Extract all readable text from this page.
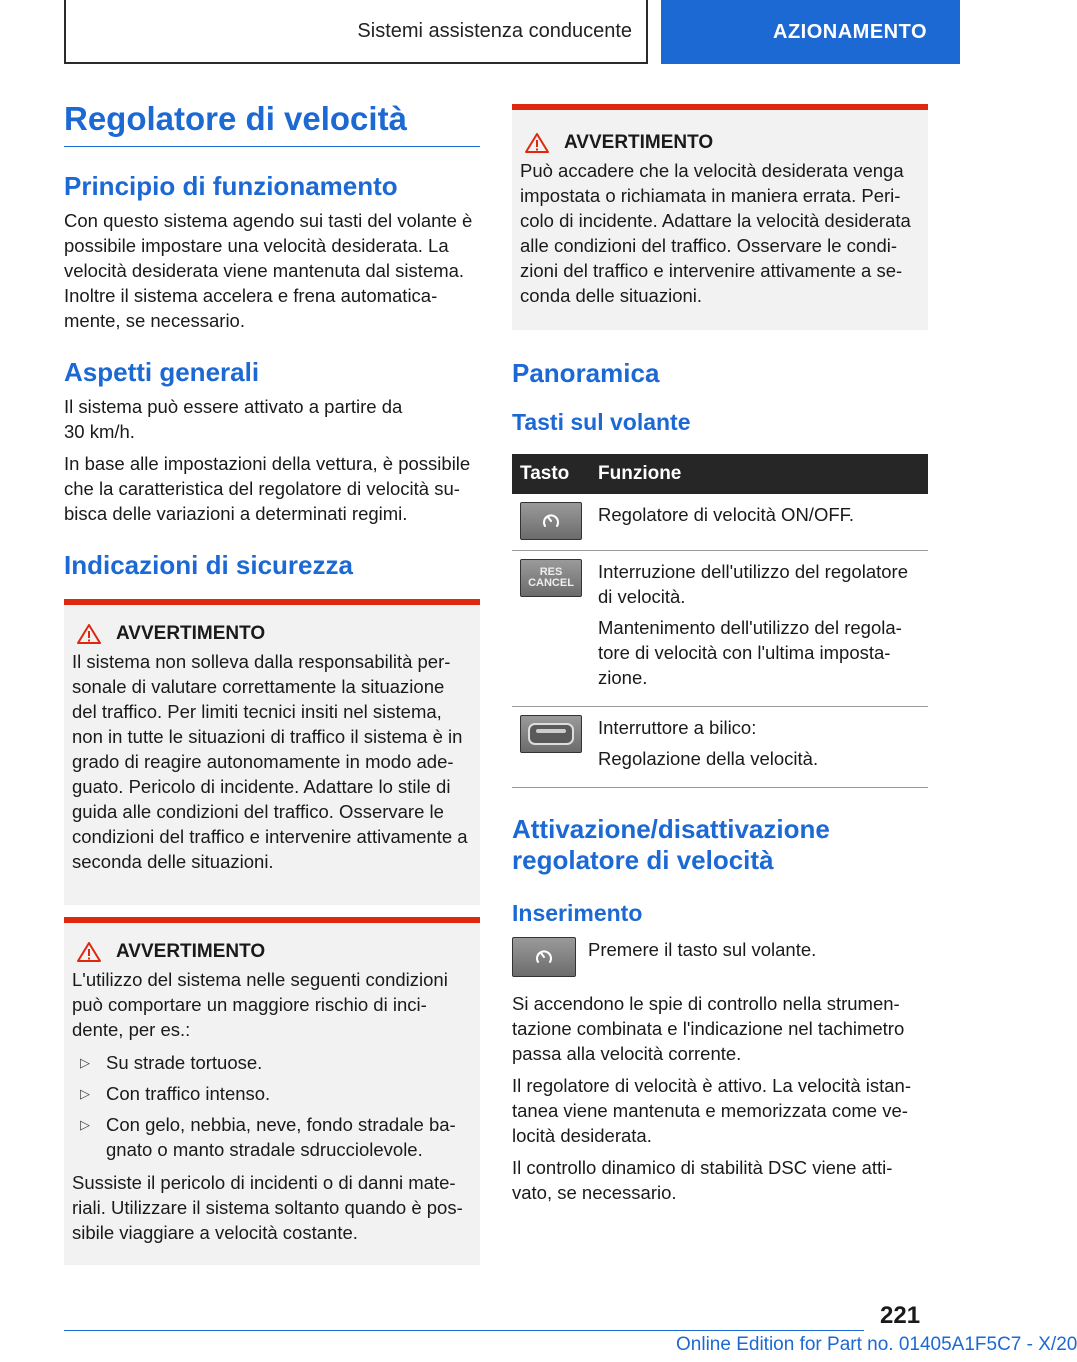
Sistemi assistenza conducente	AZIONAMENTO
Regolatore di velocità
Principio di funzionamento

Con questo sistema agendo sui tasti del volante è possibile impostare una velocità desiderata. La velocità desiderata viene mantenuta dal sistema. Inoltre il sistema accelera e frena automatica-mente, se necessario.

Aspetti generali

Il sistema può essere attivato a partire da 30 km/h.

In base alle impostazioni della vettura, è possibile che la caratteristica del regolatore di velocità su-bisca delle variazioni a determinati regimi.

Indicazioni di sicurezza
AVVERTIMENTO

Il sistema non solleva dalla responsabilità per-sonale di valutare correttamente la situazione del traffico. Per limiti tecnici insiti nel sistema, non in tutte le situazioni di traffico il sistema è in grado di reagire autonomamente in modo ade-guato. Pericolo di incidente. Adattare lo stile di guida alle condizioni del traffico. Osservare le condizioni del traffico e intervenire attivamente a seconda delle situazioni.

AVVERTIMENTO

L'utilizzo del sistema nelle seguenti condizioni può comportare un maggiore rischio di inci-dente, per es.:

▷ Su strade tortuose.
▷ Con traffico intenso.
▷ Con gelo, nebbia, neve, fondo stradale ba-gnato o manto stradale sdrucciolevole.

Sussiste il pericolo di incidenti o di danni mate-riali. Utilizzare il sistema soltanto quando è pos-sibile viaggiare a velocità costante.

AVVERTIMENTO

Può accadere che la velocità desiderata venga impostata o richiamata in maniera errata. Peri-colo di incidente. Adattare la velocità desiderata alle condizioni del traffico. Osservare le condi-zioni del traffico e intervenire attivamente a se-conda delle situazioni.

Panoramica
Tasti sul volante
Tasto	Funzione

Regolatore di velocità ON/OFF.

RES CANCEL	Interruzione dell'utilizzo del regolatore di velocità.

Mantenimento dell'utilizzo del regola-tore di velocità con l'ultima imposta-zione.

Interruttore a bilico:

Regolazione della velocità.

Attivazione/disattivazione regolatore di velocità
Inserimento

Premere il tasto sul volante.

Si accendono le spie di controllo nella strumen-tazione combinata e l'indicazione nel tachimetro passa alla velocità corrente.

Il regolatore di velocità è attivo. La velocità istan-tanea viene mantenuta e memorizzata come ve-locità desiderata.

Il controllo dinamico di stabilità DSC viene atti-vato, se necessario.

221
Online Edition for Part no. 01405A1F5C7 - X/20
